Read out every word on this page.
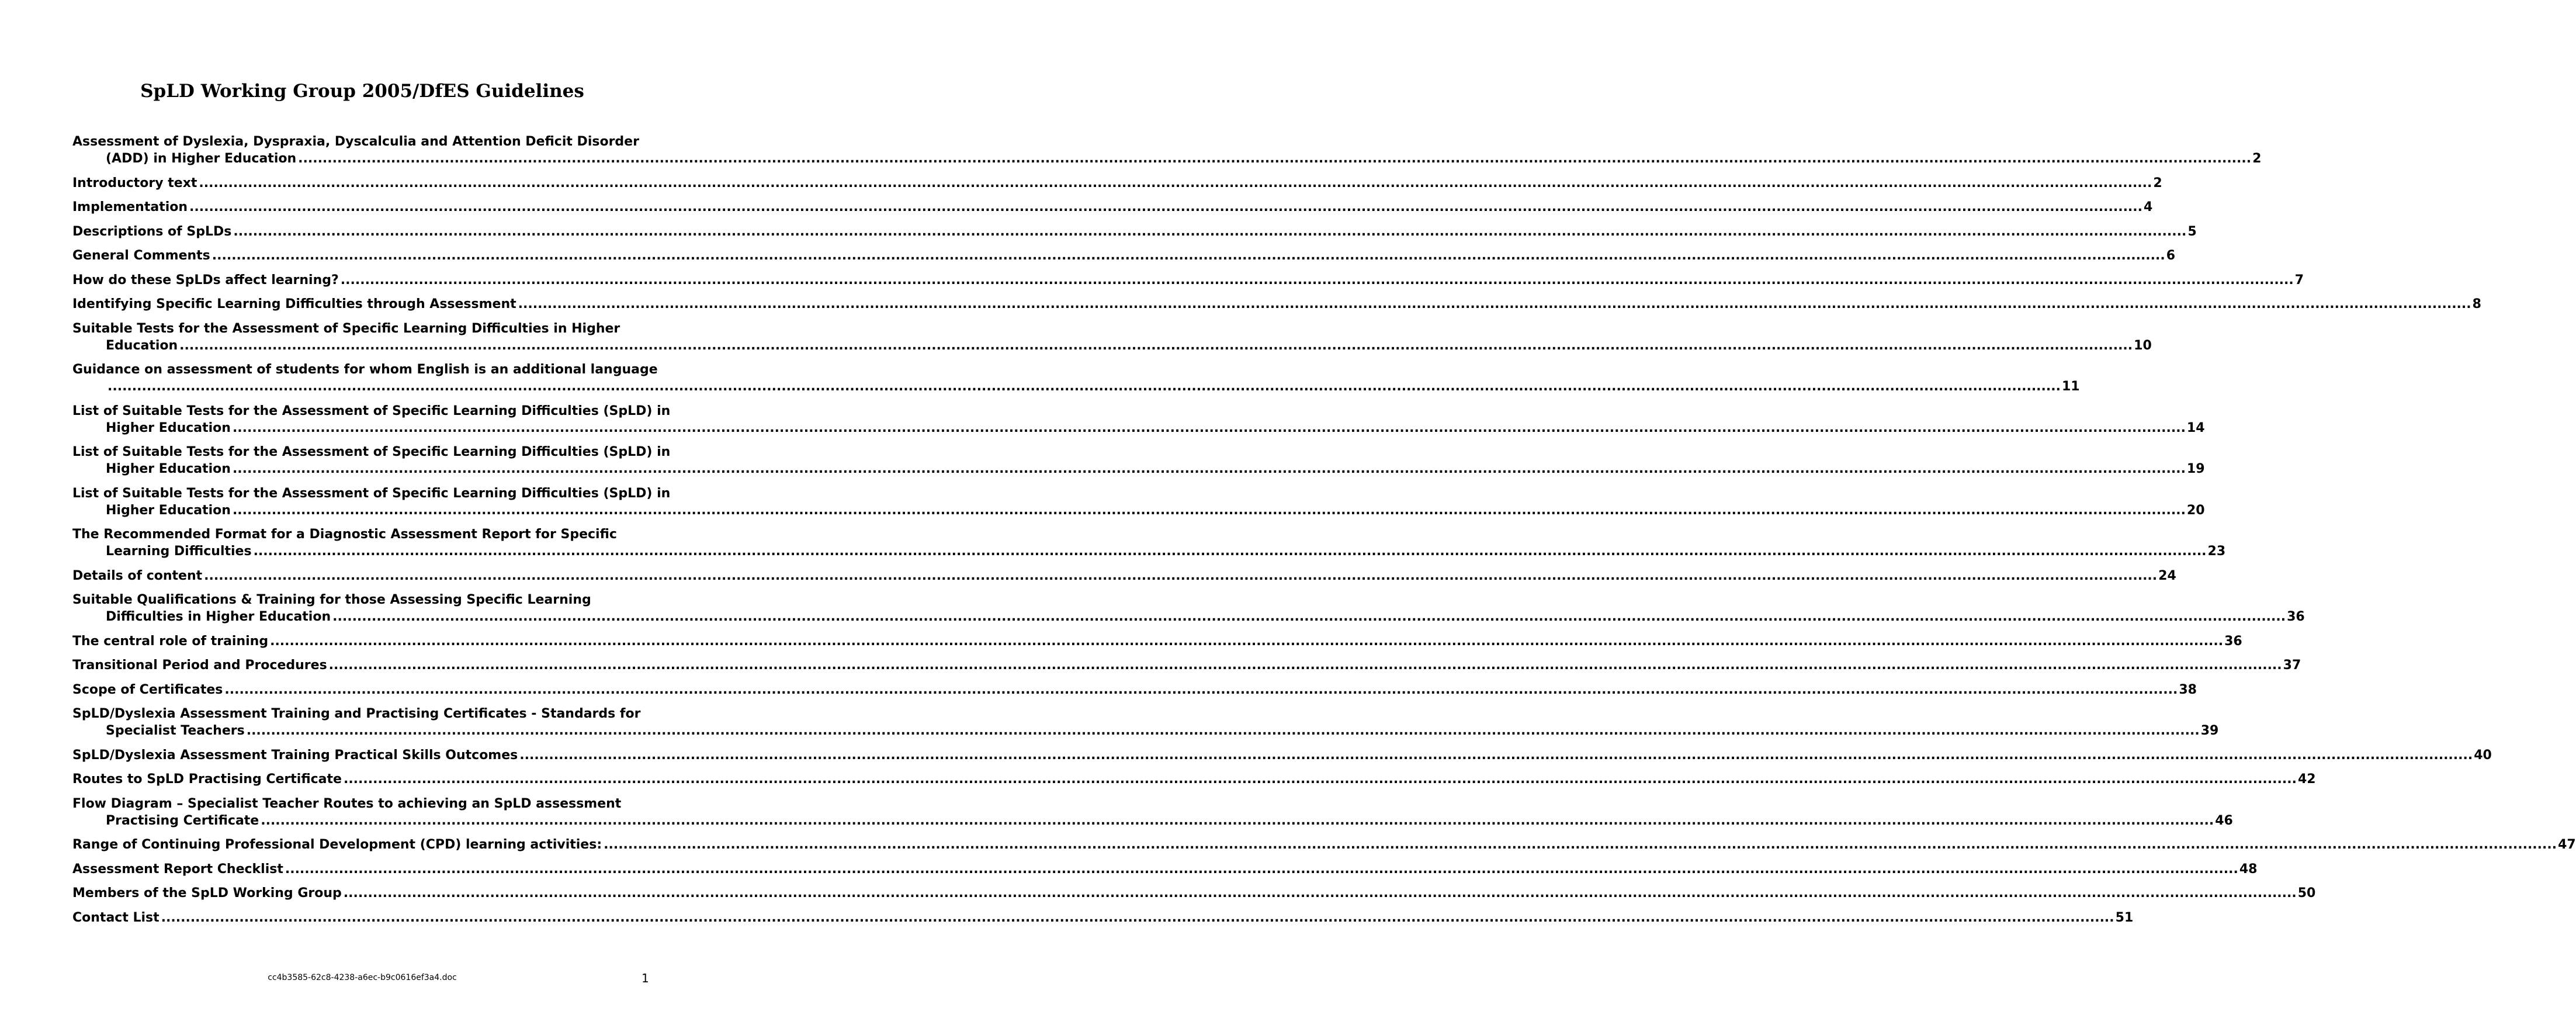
SpLD Working Group 2005/DfES Guidelines
Assessment of Dyslexia, Dyspraxia, Dyscalculia and Attention Deficit Disorder
(ADD) in Higher Education ................................................................................................................................................................................................................................................................................................................................................................................................................ 2
Introductory text ................................................................................................................................................................................................................................................................................................................................................................................................................ 2
Implementation ................................................................................................................................................................................................................................................................................................................................................................................................................ 4
Descriptions of SpLDs ................................................................................................................................................................................................................................................................................................................................................................................................................ 5
General Comments ................................................................................................................................................................................................................................................................................................................................................................................................................ 6
How do these SpLDs affect learning? ................................................................................................................................................................................................................................................................................................................................................................................................................ 7
Identifying Specific Learning Difficulties through Assessment ................................................................................................................................................................................................................................................................................................................................................................................................................ 8
Suitable Tests for the Assessment of Specific Learning Difficulties in Higher
Education ................................................................................................................................................................................................................................................................................................................................................................................................................ 10
Guidance on assessment of students for whom English is an additional language
................................................................................................................................................................................................................................................................................................................................................................................................................ 11
List of Suitable Tests for the Assessment of Specific Learning Difficulties (SpLD) in
Higher Education ................................................................................................................................................................................................................................................................................................................................................................................................................ 14
List of Suitable Tests for the Assessment of Specific Learning Difficulties (SpLD) in
Higher Education ................................................................................................................................................................................................................................................................................................................................................................................................................ 19
List of Suitable Tests for the Assessment of Specific Learning Difficulties (SpLD) in
Higher Education ................................................................................................................................................................................................................................................................................................................................................................................................................ 20
The Recommended Format for a Diagnostic Assessment Report for Specific
Learning Difficulties ................................................................................................................................................................................................................................................................................................................................................................................................................ 23
Details of content ................................................................................................................................................................................................................................................................................................................................................................................................................ 24
Suitable Qualifications & Training for those Assessing Specific Learning
Difficulties in Higher Education ................................................................................................................................................................................................................................................................................................................................................................................................................ 36
The central role of training ................................................................................................................................................................................................................................................................................................................................................................................................................ 36
Transitional Period and Procedures ................................................................................................................................................................................................................................................................................................................................................................................................................ 37
Scope of Certificates ................................................................................................................................................................................................................................................................................................................................................................................................................ 38
SpLD/Dyslexia Assessment Training and Practising Certificates - Standards for
Specialist Teachers ................................................................................................................................................................................................................................................................................................................................................................................................................ 39
SpLD/Dyslexia Assessment Training Practical Skills Outcomes ................................................................................................................................................................................................................................................................................................................................................................................................................ 40
Routes to SpLD Practising Certificate ................................................................................................................................................................................................................................................................................................................................................................................................................ 42
Flow Diagram – Specialist Teacher Routes to achieving an SpLD assessment
Practising Certificate ................................................................................................................................................................................................................................................................................................................................................................................................................ 46
Range of Continuing Professional Development (CPD) learning activities: ................................................................................................................................................................................................................................................................................................................................................................................................................ 47
Assessment Report Checklist ................................................................................................................................................................................................................................................................................................................................................................................................................ 48
Members of the SpLD Working Group ................................................................................................................................................................................................................................................................................................................................................................................................................ 50
Contact List ................................................................................................................................................................................................................................................................................................................................................................................................................ 51
cc4b3585-62c8-4238-a6ec-b9c0616ef3a4.doc	1
